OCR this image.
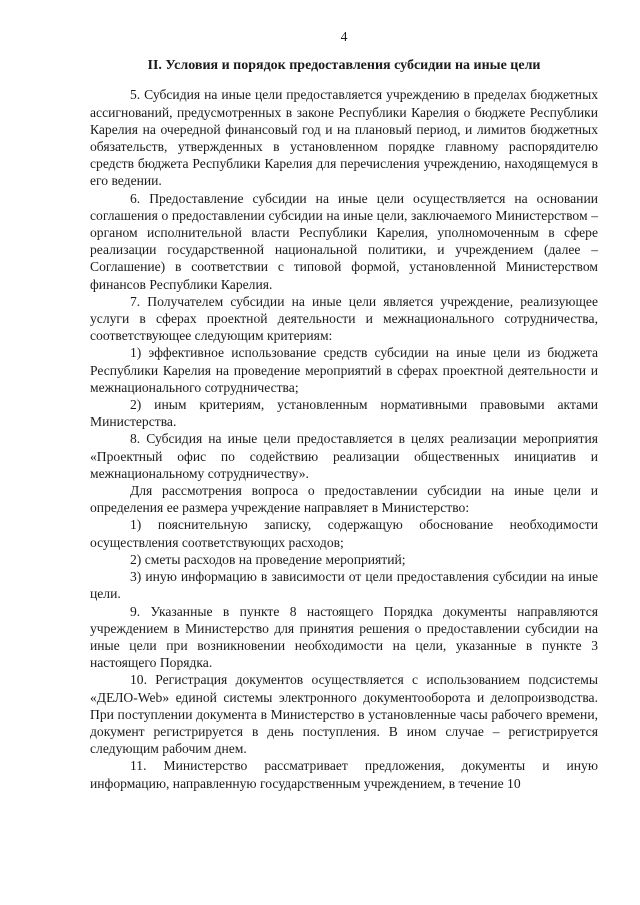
4
II. Условия и порядок предоставления субсидии на иные цели

5. Субсидия на иные цели предоставляется учреждению в пределах бюджетных ассигнований, предусмотренных в законе Республики Карелия о бюджете Республики Карелия на очередной финансовый год и на плановый период, и лимитов бюджетных обязательств, утвержденных в установленном порядке главному распорядителю средств бюджета Республики Карелия для перечисления учреждению, находящемуся в его ведении.

6. Предоставление субсидии на иные цели осуществляется на основании соглашения о предоставлении субсидии на иные цели, заключаемого Министерством – органом исполнительной власти Республики Карелия, уполномоченным в сфере реализации государственной национальной политики, и учреждением (далее – Соглашение) в соответствии с типовой формой, установленной Министерством финансов Республики Карелия.

7. Получателем субсидии на иные цели является учреждение, реализующее услуги в сферах проектной деятельности и межнационального сотрудничества, соответствующее следующим критериям:

1) эффективное использование средств субсидии на иные цели из бюджета Республики Карелия на проведение мероприятий в сферах проектной деятельности и межнационального сотрудничества;

2) иным критериям, установленным нормативными правовыми актами Министерства.

8. Субсидия на иные цели предоставляется в целях реализации мероприятия «Проектный офис по содействию реализации общественных инициатив и межнациональному сотрудничеству».

Для рассмотрения вопроса о предоставлении субсидии на иные цели и определения ее размера учреждение направляет в Министерство:

1) пояснительную записку, содержащую обоснование необходимости осуществления соответствующих расходов;

2) сметы расходов на проведение мероприятий;

3) иную информацию в зависимости от цели предоставления субсидии на иные цели.

9. Указанные в пункте 8 настоящего Порядка документы направляются учреждением в Министерство для принятия решения о предоставлении субсидии на иные цели при возникновении необходимости на цели, указанные в пункте 3 настоящего Порядка.

10. Регистрация документов осуществляется с использованием подсистемы «ДЕЛО-Web» единой системы электронного документооборота и делопроизводства. При поступлении документа в Министерство в установленные часы рабочего времени, документ регистрируется в день поступления. В ином случае – регистрируется следующим рабочим днем.

11. Министерство рассматривает предложения, документы и иную информацию, направленную государственным учреждением, в течение 10
